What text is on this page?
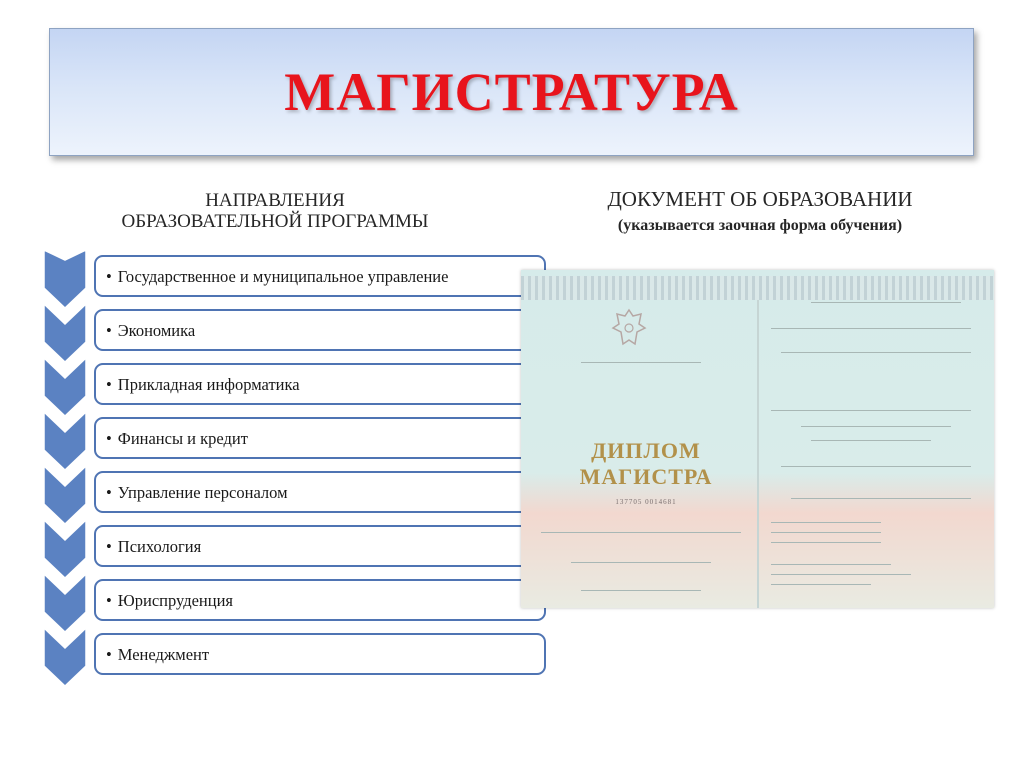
МАГИСТРАТУРА
НАПРАВЛЕНИЯ
ОБРАЗОВАТЕЛЬНОЙ ПРОГРАММЫ
ДОКУМЕНТ ОБ ОБРАЗОВАНИИ
(указывается заочная форма обучения)
• Государственное и муниципальное управление
• Экономика
• Прикладная информатика
• Финансы и кредит
• Управление персоналом
• Психология
• Юриспруденция
• Менеджмент
ДИПЛОМ
МАГИСТРА
137705 0014681
